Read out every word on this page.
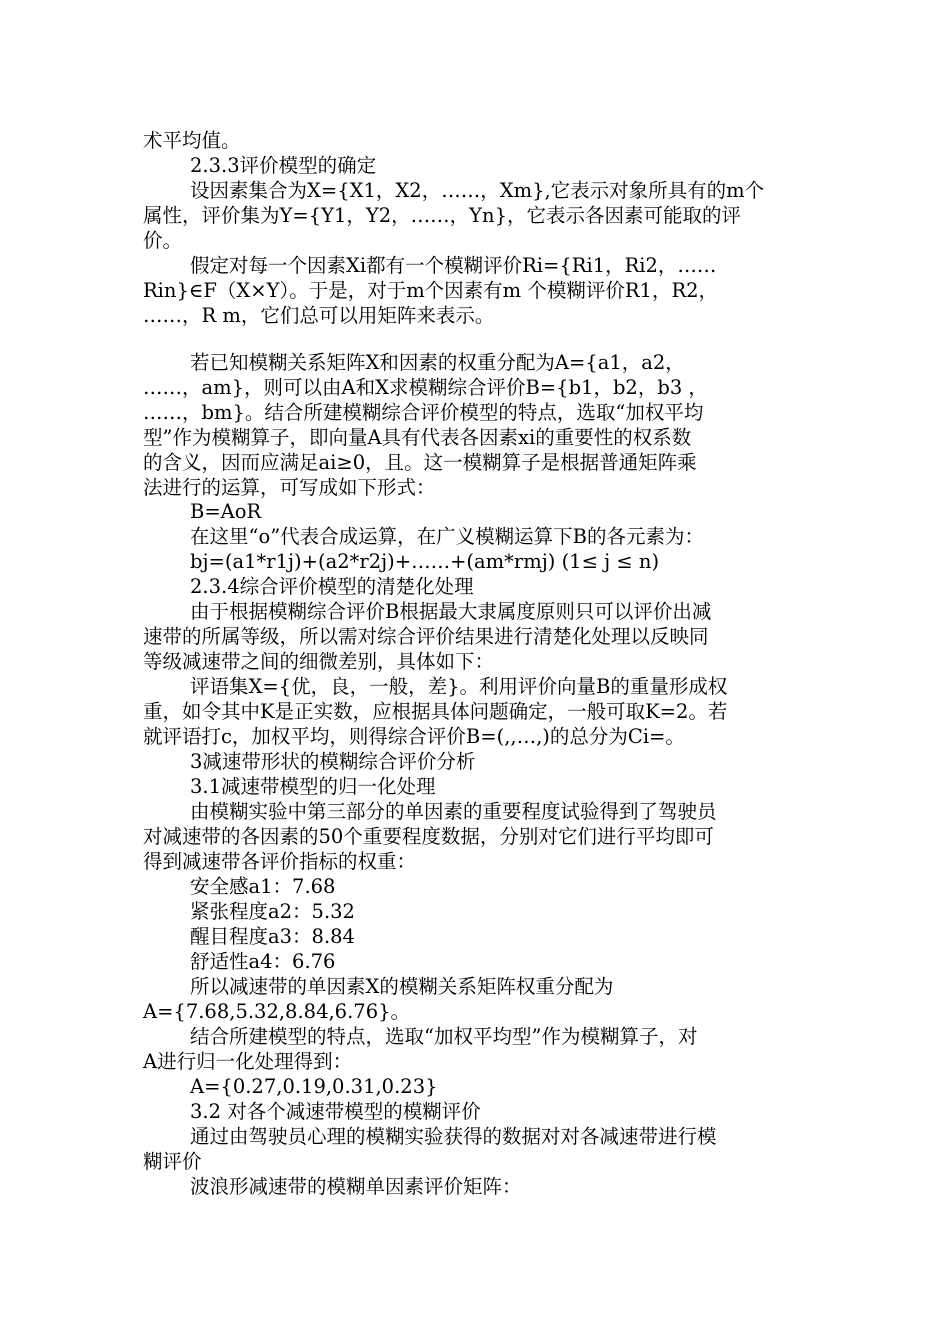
术平均值。
2.3.3评价模型的确定
设因素集合为X={X1，X2，……，Xm},它表示对象所具有的m个
属性，评价集为Y={Y1，Y2，……，Yn}，它表示各因素可能取的评
价。
假定对每一个因素Xi都有一个模糊评价Ri={Ri1，Ri2，……
Rin}∈F（X×Y）。于是，对于m个因素有m 个模糊评价R1，R2，
……，R m，它们总可以用矩阵来表示。
若已知模糊关系矩阵X和因素的权重分配为A={a1，a2，
……，am}，则可以由A和X求模糊综合评价B={b1，b2，b3 ，
……，bm}。结合所建模糊综合评价模型的特点，选取“加权平均
型”作为模糊算子，即向量A具有代表各因素xi的重要性的权系数
的含义，因而应满足ai≥0，且。这一模糊算子是根据普通矩阵乘
法进行的运算，可写成如下形式：
B=AoR
在这里“o”代表合成运算，在广义模糊运算下B的各元素为：
bj=(a1*r1j)+(a2*r2j)+……+(am*rmj) (1≤ j ≤ n)
2.3.4综合评价模型的清楚化处理
由于根据模糊综合评价B根据最大隶属度原则只可以评价出减
速带的所属等级，所以需对综合评价结果进行清楚化处理以反映同
等级减速带之间的细微差别，具体如下：
评语集X={优，良，一般，差}。利用评价向量B的重量形成权
重，如令其中K是正实数，应根据具体问题确定，一般可取K=2。若
就评语打c，加权平均，则得综合评价B=(,,…,)的总分为Ci=。
3减速带形状的模糊综合评价分析
3.1减速带模型的归一化处理
由模糊实验中第三部分的单因素的重要程度试验得到了驾驶员
对减速带的各因素的50个重要程度数据，分别对它们进行平均即可
得到减速带各评价指标的权重：
安全感a1：7.68
紧张程度a2：5.32
醒目程度a3：8.84
舒适性a4：6.76
所以减速带的单因素X的模糊关系矩阵权重分配为
A={7.68,5.32,8.84,6.76}。
结合所建模型的特点，选取“加权平均型”作为模糊算子，对
A进行归一化处理得到：
A={0.27,0.19,0.31,0.23}
3.2 对各个减速带模型的模糊评价
通过由驾驶员心理的模糊实验获得的数据对对各减速带进行模
糊评价
波浪形减速带的模糊单因素评价矩阵：
